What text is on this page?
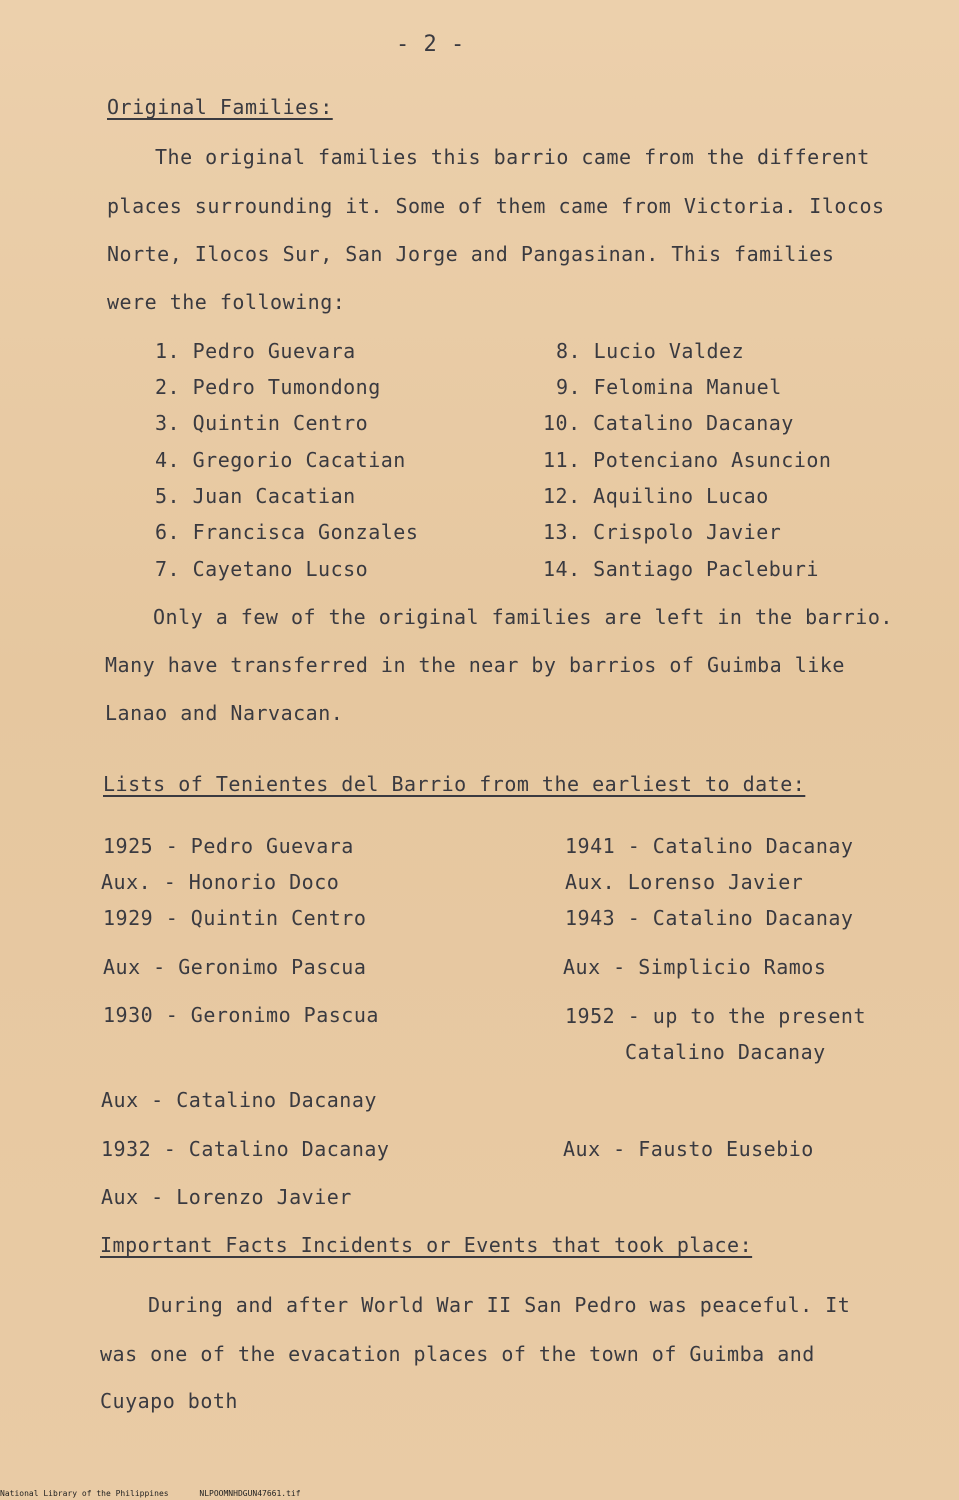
- 2 -
Original Families:
The original families this barrio came from the different
places surrounding it. Some of them came from Victoria. Ilocos
Norte, Ilocos Sur, San Jorge and Pangasinan. This families
were the following:
1. Pedro Guevara
2. Pedro Tumondong
3. Quintin Centro
4. Gregorio Cacatian
5. Juan Cacatian
6. Francisca Gonzales
7. Cayetano Lucso
8. Lucio Valdez
9. Felomina Manuel
10. Catalino Dacanay
11. Potenciano Asuncion
12. Aquilino Lucao
13. Crispolo Javier
14. Santiago Pacleburi
Only a few of the original families are left in the barrio.
Many have transferred in the near by barrios of Guimba like
Lanao and Narvacan.
Lists of Tenientes del Barrio from the earliest to date:
1925 - Pedro Guevara
Aux. - Honorio Doco
1929 - Quintin Centro
Aux - Geronimo Pascua
1930 - Geronimo Pascua
Aux - Catalino Dacanay
1932 - Catalino Dacanay
Aux - Lorenzo Javier
1941 - Catalino Dacanay
Aux. Lorenso Javier
1943 - Catalino Dacanay
Aux - Simplicio Ramos
1952 - up to the present
Catalino Dacanay
Aux - Fausto Eusebio
Important Facts Incidents or Events that took place:
During and after World War II San Pedro was peaceful. It
was one of the evacation places of the town of Guimba and
Cuyapo both
National Library of the Philippines	NLPOOMNHDGUN47661.tif
